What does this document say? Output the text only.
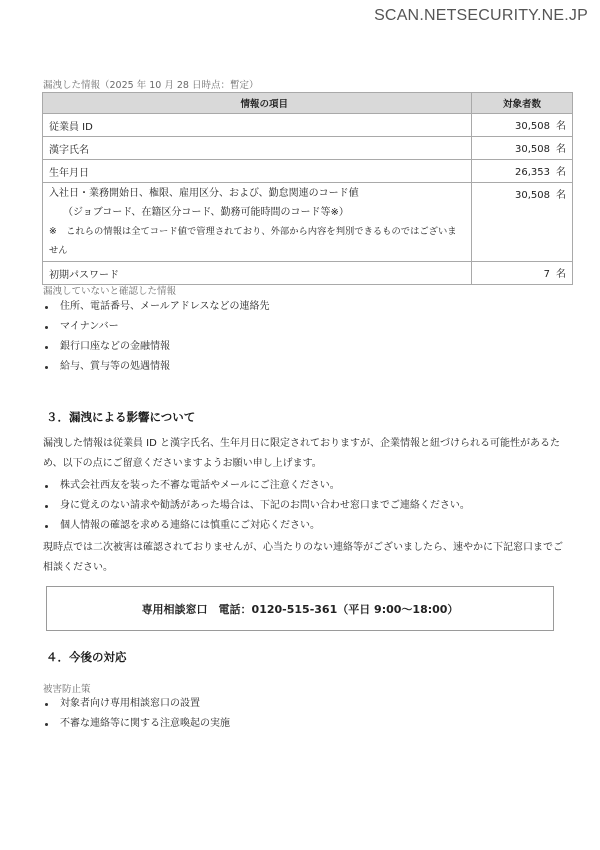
SCAN.NETSECURITY.NE.JP
漏洩した情報（2025 年 10 月 28 日時点：暫定）
情報の項目	対象者数
従業員 ID	30,508 名
漢字氏名	30,508 名
生年月日	26,353 名

入社日・業務開始日、権限、雇用区分、および、勤怠関連のコード値
（ジョブコード、在籍区分コード、勤務可能時間のコード等※）
※　これらの情報は全てコード値で管理されており、外部から内容を判別できるものではございません	30,508 名
初期パスワード	7 名
漏洩していないと確認した情報
住所、電話番号、メールアドレスなどの連絡先
マイナンバー
銀行口座などの金融情報
給与、賞与等の処遇情報
３．漏洩による影響について
漏洩した情報は従業員 ID と漢字氏名、生年月日に限定されておりますが、企業情報と紐づけられる可能性があるため、以下の点にご留意くださいますようお願い申し上げます。
株式会社西友を装った不審な電話やメールにご注意ください。
身に覚えのない請求や勧誘があった場合は、下記のお問い合わせ窓口までご連絡ください。
個人情報の確認を求める連絡には慎重にご対応ください。
現時点では二次被害は確認されておりませんが、心当たりのない連絡等がございましたら、速やかに下記窓口までご相談ください。
専用相談窓口　電話：0120-515-361（平日 9:00〜18:00）
４．今後の対応
被害防止策
対象者向け専用相談窓口の設置
不審な連絡等に関する注意喚起の実施
